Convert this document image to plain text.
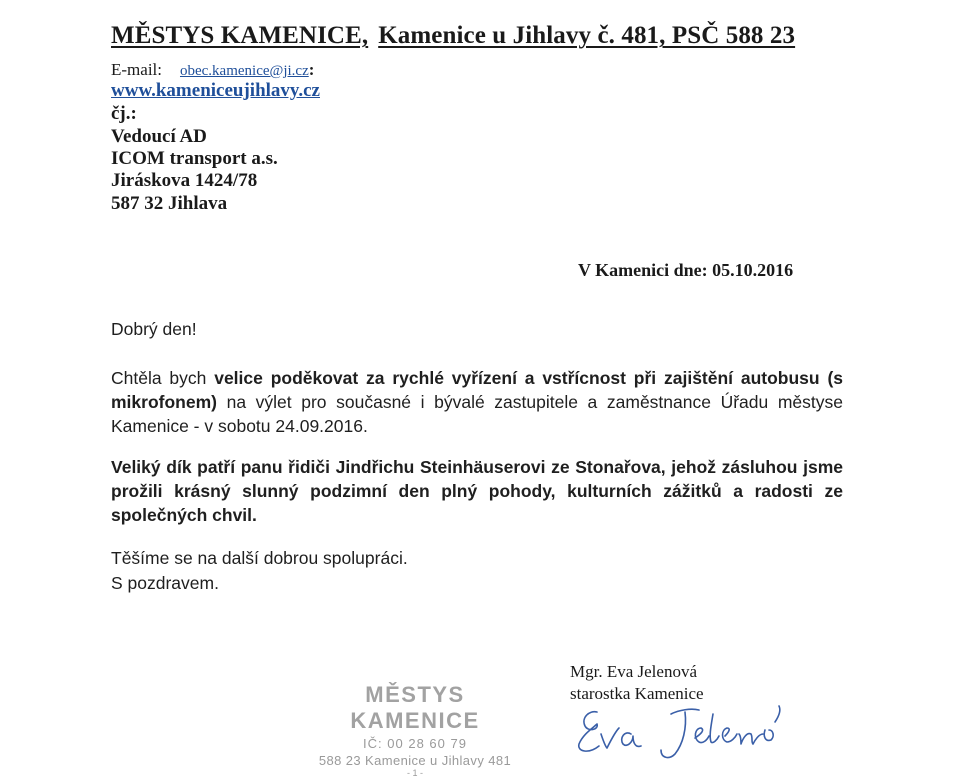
MĚSTYS KAMENICE, Kamenice u Jihlavy č. 481, PSČ 588 23
E-mail: obec.kamenice@ji.cz:
www.kameniceujihlavy.cz
čj.:
Vedoucí AD
ICOM transport a.s.
Jiráskova 1424/78
587 32 Jihlava
V Kamenici dne: 05.10.2016
Dobrý den!
Chtěla bych velice poděkovat za rychlé vyřízení a vstřícnost při zajištění autobusu (s mikrofonem) na výlet pro současné i bývalé zastupitele a zaměstnance Úřadu městyse Kamenice - v sobotu 24.09.2016.
Veliký dík patří panu řidiči Jindřichu Steinhäuserovi ze Stonařova, jehož zásluhou jsme prožili krásný slunný podzimní den plný pohody, kulturních zážitků a radosti ze společných chvil.
Těšíme se na další dobrou spolupráci.
S pozdravem.
Mgr. Eva Jelenová
starostka Kamenice
MĚSTYS KAMENICE
IČ: 00 28 60 79
588 23 Kamenice u Jihlavy 481
- 1 -
